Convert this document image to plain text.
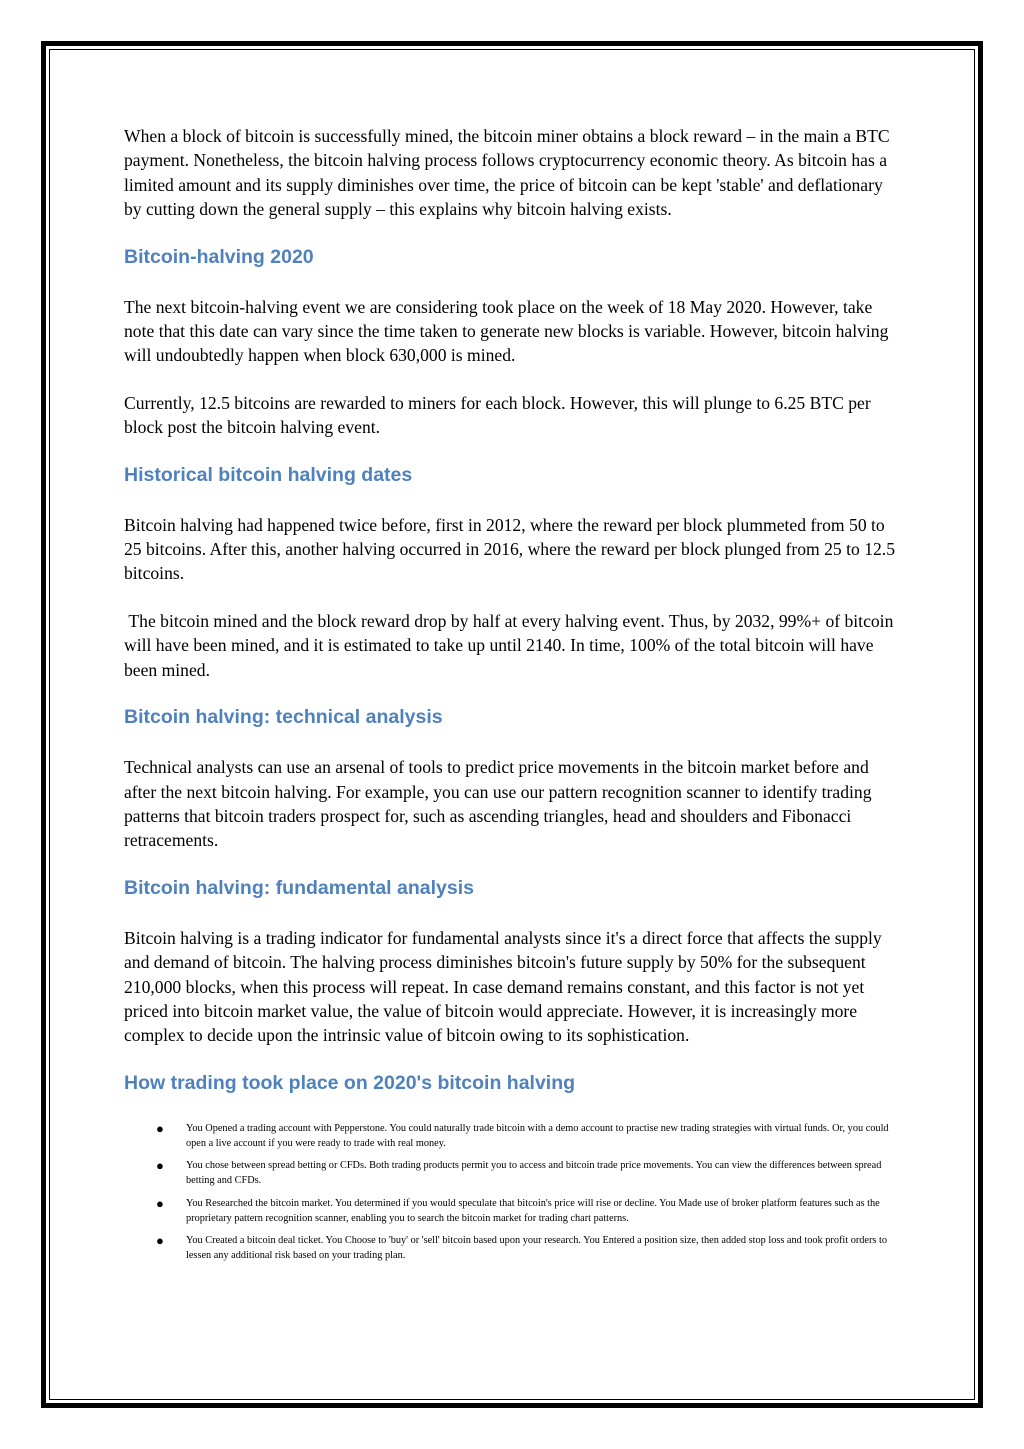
When a block of bitcoin is successfully mined, the bitcoin miner obtains a block reward – in the main a BTC payment. Nonetheless, the bitcoin halving process follows cryptocurrency economic theory. As bitcoin has a limited amount and its supply diminishes over time, the price of bitcoin can be kept 'stable' and deflationary by cutting down the general supply – this explains why bitcoin halving exists.

Bitcoin-halving 2020

The next bitcoin-halving event we are considering took place on the week of 18 May 2020. However, take note that this date can vary since the time taken to generate new blocks is variable. However, bitcoin halving will undoubtedly happen when block 630,000 is mined.

Currently, 12.5 bitcoins are rewarded to miners for each block. However, this will plunge to 6.25 BTC per block post the bitcoin halving event.

Historical bitcoin halving dates

Bitcoin halving had happened twice before, first in 2012, where the reward per block plummeted from 50 to 25 bitcoins. After this, another halving occurred in 2016, where the reward per block plunged from 25 to 12.5 bitcoins.

The bitcoin mined and the block reward drop by half at every halving event. Thus, by 2032, 99%+ of bitcoin will have been mined, and it is estimated to take up until 2140. In time, 100% of the total bitcoin will have been mined.

Bitcoin halving: technical analysis

Technical analysts can use an arsenal of tools to predict price movements in the bitcoin market before and after the next bitcoin halving. For example, you can use our pattern recognition scanner to identify trading patterns that bitcoin traders prospect for, such as ascending triangles, head and shoulders and Fibonacci retracements.

Bitcoin halving: fundamental analysis

Bitcoin halving is a trading indicator for fundamental analysts since it's a direct force that affects the supply and demand of bitcoin. The halving process diminishes bitcoin's future supply by 50% for the subsequent 210,000 blocks, when this process will repeat. In case demand remains constant, and this factor is not yet priced into bitcoin market value, the value of bitcoin would appreciate. However, it is increasingly more complex to decide upon the intrinsic value of bitcoin owing to its sophistication.

How trading took place on 2020's bitcoin halving
● You Opened a trading account with Pepperstone. You could naturally trade bitcoin with a demo account to practise new trading strategies with virtual funds. Or, you could open a live account if you were ready to trade with real money.
● You chose between spread betting or CFDs. Both trading products permit you to access and bitcoin trade price movements. You can view the differences between spread betting and CFDs.
● You Researched the bitcoin market. You determined if you would speculate that bitcoin's price will rise or decline. You Made use of broker platform features such as the proprietary pattern recognition scanner, enabling you to search the bitcoin market for trading chart patterns.
● You Created a bitcoin deal ticket. You Choose to 'buy' or 'sell' bitcoin based upon your research. You Entered a position size, then added stop loss and took profit orders to lessen any additional risk based on your trading plan.
